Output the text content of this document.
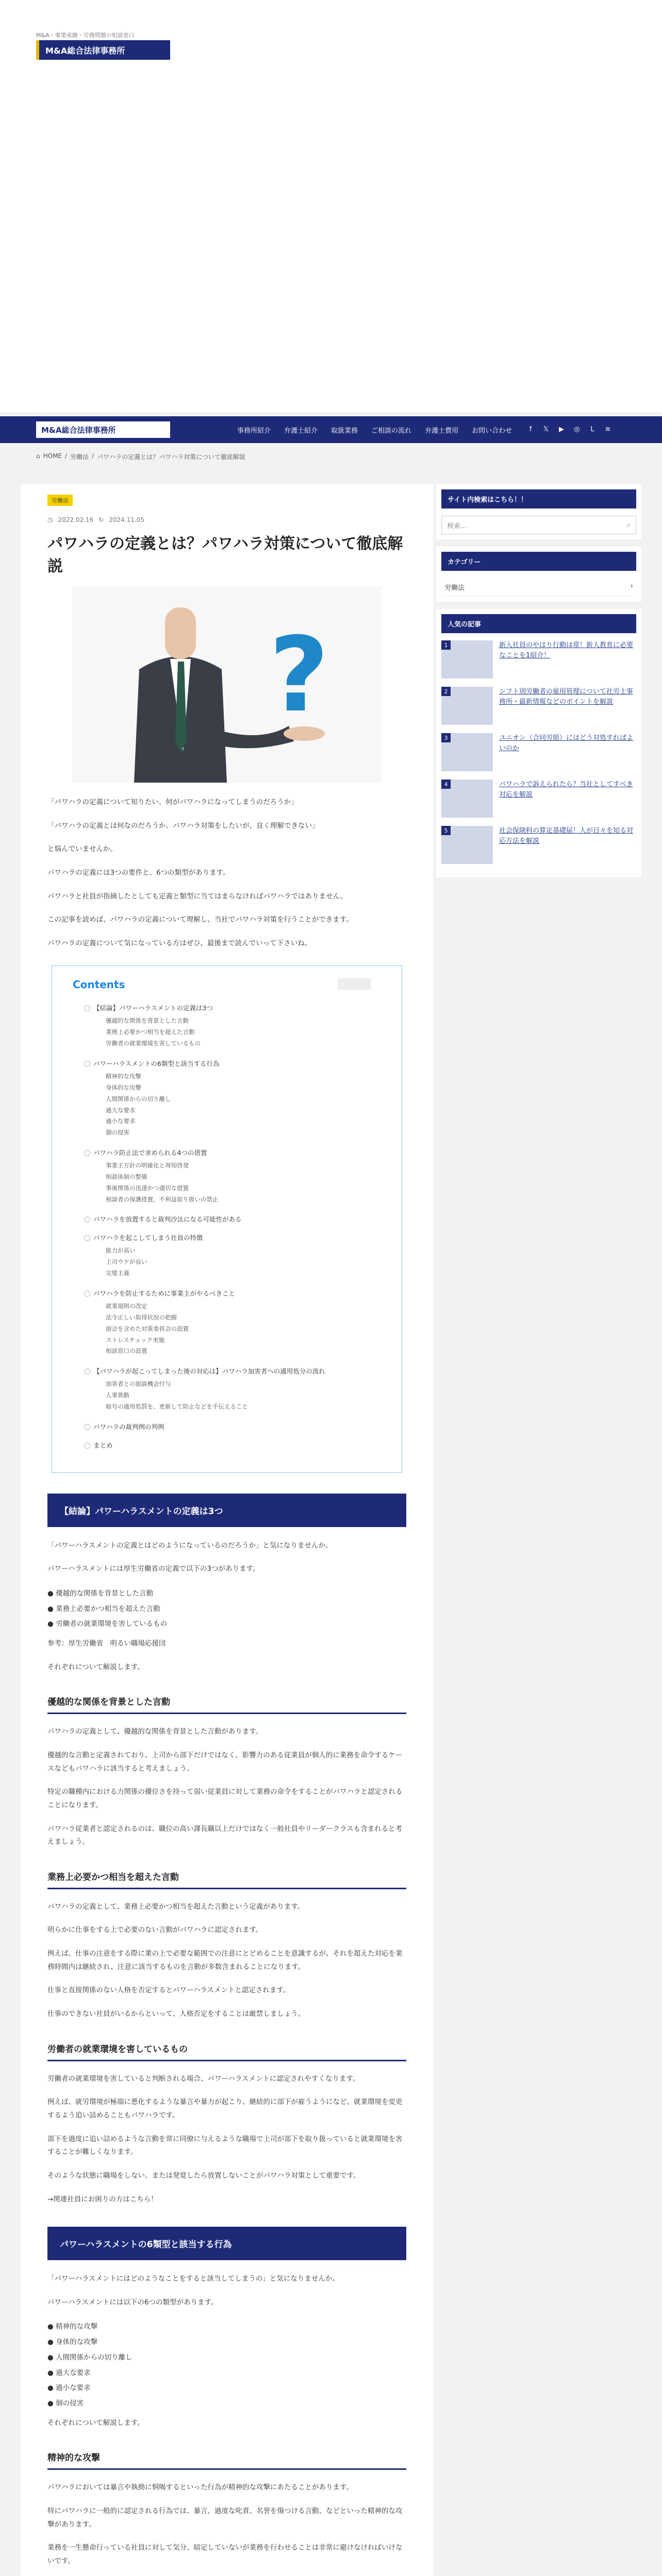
M&A・事業承継・労務問題の相談窓口
M&A総合法律事務所
M&A総合法律事務所	事務所紹介 弁護士紹介 取扱業務 ご相談の流れ 弁護士費用 お問い合わせ	f	𝕏	▶	◎	L	≋
⌂ HOME / 労働法 / パワハラの定義とは？パワハラ対策について徹底解説
労働法
◷ 2022.02.16 ↻ 2024.11.05
パワハラの定義とは？パワハラ対策について徹底解説
?

「パワハラの定義について知りたい、何がパワハラになってしまうのだろうか」

「パワハラの定義とは何なのだろうか。パワハラ対策をしたいが、良く理解できない」

と悩んでいませんか。

パワハラの定義には3つの要件と、6つの類型があります。

パワハラと社員が指摘したとしても定義と類型に当てはまらなければパワハラではありません。

この記事を読めば、パワハラの定義について理解し、当社でパワハラ対策を行うことができます。

パワハラの定義について気になっている方はぜひ、最後まで読んでいって下さいね。

Contents
【結論】パワーハラスメントの定義は3つ
優越的な関係を背景とした言動
業務上必要かつ相当を超えた言動
労働者の就業環境を害しているもの
パワーハラスメントの6類型と該当する行為
精神的な攻撃
身体的な攻撃
人間関係からの切り離し
過大な要求
過小な要求
個の侵害
パワハラ防止法で求められる4つの措置
事業主方針の明確化と周知啓発
相談体制の整備
事後関係の迅速かつ適切な措置
相談者の保護措置、不利益取り扱いの禁止
パワハラを放置すると裁判沙汰になる可能性がある
パワハラを起こしてしまう社員の特徴
能力が高い
上司ウケが良い
完璧主義
パワハラを防止するために事業主がやるべきこと
就業規則の改定
法令正しい取得状況の把握
面会を含めた対策委員会の設置
ストレスチェック実施
相談窓口の設置
【パワハラが起こってしまった後の対応は】パワハラ加害者への適用処分の流れ
加害者との面談機会付与
人事異動
暗号の適用処罰を、更新して防止などを手伝えること
パワハラの裁判例の判例
まとめ
【結論】パワーハラスメントの定義は3つ

「パワーハラスメントの定義とはどのようになっているのだろうか」と気になりませんか。

パワーハラスメントには厚生労働省の定義で以下の3つがあります。

● 優越的な関係を背景とした言動
● 業務上必要かつ相当を超えた言動
● 労働者の就業環境を害しているもの

参考：厚生労働省　明るい職場応援団

それぞれについて解説します。

優越的な関係を背景とした言動

パワハラの定義として、優越的な関係を背景とした言動があります。

優越的な言動と定義されており、上司から部下だけではなく、影響力のある従業員が個人的に業務を命令するケースなどもパワハラに該当すると考えましょう。

特定の職種内における力関係の優位さを持って弱い従業員に対して業務の命令をすることがパワハラと認定されることになります。

パワハラ従業者と認定されるのは、職位の高い課長職以上だけではなく一般社員やリーダークラスも含まれると考えましょう。

業務上必要かつ相当を超えた言動

パワハラの定義として、業務上必要かつ相当を超えた言動という定義があります。

明らかに仕事をする上で必要のない言動がパワハラに認定されます。

例えば、仕事の注意をする際に業の上で必要な範囲での注意にとどめることを意識するが、それを超えた対応を業務時間内は継続され、注意に該当するものを言動が多数含まれることになります。

仕事と直接関係のない人格を否定するとパワーハラスメントと認定されます。

仕事のできない社員がいるからといって、人格否定をすることは厳禁しましょう。

労働者の就業環境を害しているもの

労働者の就業環境を害していると判断される場合、パワーハラスメントに認定されやすくなります。

例えば、就労環境が極端に悪化するような暴言や暴力が起こり、継続的に部下が雇うようになど、就業環境を変更するよう追い詰めることもパワハラです。

部下を過度に追い詰めるような言動を常に同僚に与えるような職場で上司が部下を取り扱っていると就業環境を害することが難しくなります。

そのような状態に職場をしない、または発覚したら放置しないことがパワハラ対策として重要です。

→関連社員にお困りの方はこちら！

パワーハラスメントの6類型と該当する行為

「パワーハラスメントにはどのようなことをすると該当してしまうの」と気になりませんか。

パワーハラスメントには以下の6つの類型があります。

● 精神的な攻撃
● 身体的な攻撃
● 人間関係からの切り離し
● 過大な要求
● 過小な要求
● 個の侵害

それぞれについて解説します。

精神的な攻撃

パワハラにおいては暴言や執拗に恫喝するといった行為が精神的な攻撃にあたることがあります。

特にパワハラに一般的に認定される行為では、暴言、過度な叱責、名誉を傷つける言動、などといった精神的な攻撃があります。

業務を一生懸命行っている社員に対して気分、暗定していないが業務を行わせることは非常に避けなければいけないです。

サイト内検索はこちら！！
検索...	⌕
カテゴリー
労働法	›
人気の記事
1	新入社員のやはり行動は常！新人教育に必要なことを1紹介！
2	シフト別労働者の雇用管理について社労士事務所・最新情報などのポイントを解説
3	ユニオン（合同労組）にはどう対処すればよいのか
4	パワハラで訴えられたら？当社としてすべき対応を解説
5	社会保険料の算定基礎届！人が日々を知る対応方法を解説
